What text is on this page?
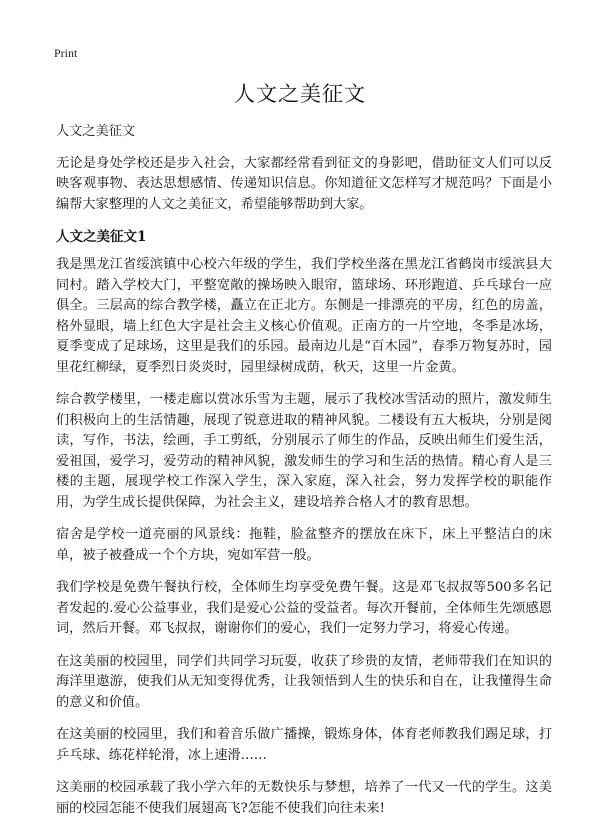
Print
人文之美征文

人文之美征文

无论是身处学校还是步入社会，大家都经常看到征文的身影吧，借助征文人们可以反映客观事物、表达思想感情、传递知识信息。你知道征文怎样写才规范吗？下面是小编帮大家整理的人文之美征文，希望能够帮助到大家。

人文之美征文1

我是黑龙江省绥滨镇中心校六年级的学生，我们学校坐落在黑龙江省鹤岗市绥滨县大同村。踏入学校大门，平整宽敞的操场映入眼帘，篮球场、环形跑道、乒乓球台一应俱全。三层高的综合教学楼，矗立在正北方。东侧是一排漂亮的平房，红色的房盖，格外显眼，墙上红色大字是社会主义核心价值观。正南方的一片空地，冬季是冰场，夏季变成了足球场，这里是我们的乐园。最南边儿是“百木园”，春季万物复苏时，园里花红柳绿，夏季烈日炎炎时，园里绿树成荫，秋天，这里一片金黄。

综合教学楼里，一楼走廊以赏冰乐雪为主题，展示了我校冰雪活动的照片，激发师生们积极向上的生活情趣，展现了锐意进取的精神风貌。二楼设有五大板块，分别是阅读，写作，书法，绘画，手工剪纸，分别展示了师生的作品，反映出师生们爱生活，爱祖国，爱学习，爱劳动的精神风貌，激发师生的学习和生活的热情。精心育人是三楼的主题，展现学校工作深入学生，深入家庭，深入社会，努力发挥学校的职能作用，为学生成长提供保障，为社会主义，建设培养合格人才的教育思想。

宿舍是学校一道亮丽的风景线：拖鞋，脸盆整齐的摆放在床下，床上平整洁白的床单，被子被叠成一个个方块，宛如军营一般。

我们学校是免费午餐执行校，全体师生均享受免费午餐。这是邓飞叔叔等500多名记者发起的.爱心公益事业，我们是爱心公益的受益者。每次开餐前，全体师生先颂感恩词，然后开餐。邓飞叔叔，谢谢你们的爱心，我们一定努力学习，将爱心传递。

在这美丽的校园里，同学们共同学习玩耍，收获了珍贵的友情，老师带我们在知识的海洋里遨游，使我们从无知变得优秀，让我领悟到人生的快乐和自在，让我懂得生命的意义和价值。

在这美丽的校园里，我们和着音乐做广播操，锻炼身体，体育老师教我们踢足球，打乒乓球、练花样轮滑，冰上速滑……

这美丽的校园承载了我小学六年的无数快乐与梦想，培养了一代又一代的学生。这美丽的校园怎能不使我们展翅高飞?怎能不使我们向往未来!
